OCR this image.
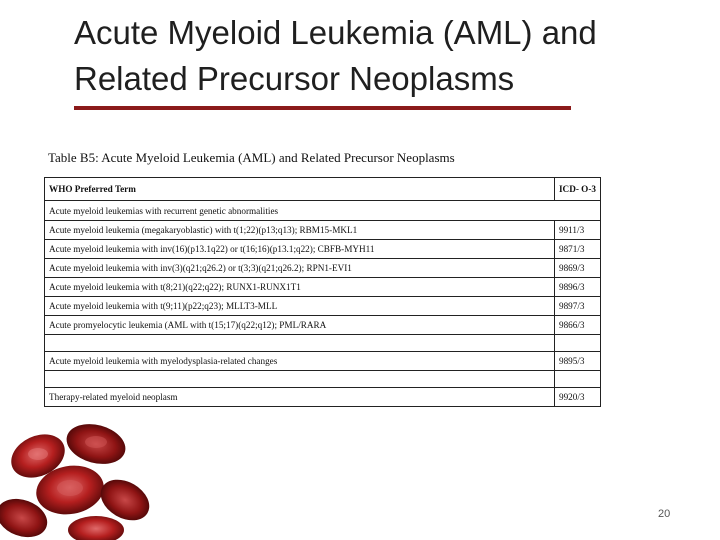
Acute Myeloid Leukemia (AML) and
Related Precursor Neoplasms
Table B5: Acute Myeloid Leukemia (AML) and Related Precursor Neoplasms
WHO Preferred Term	ICD- O-3
Acute myeloid leukemias with recurrent genetic abnormalities	
Acute myeloid leukemia (megakaryoblastic) with t(1;22)(p13;q13); RBM15-MKL1	9911/3
Acute myeloid leukemia with inv(16)(p13.1q22) or t(16;16)(p13.1;q22); CBFB-MYH11	9871/3
Acute myeloid leukemia with inv(3)(q21;q26.2) or t(3;3)(q21;q26.2); RPN1-EVI1	9869/3
Acute myeloid leukemia with t(8;21)(q22;q22); RUNX1-RUNX1T1	9896/3
Acute myeloid leukemia with t(9;11)(p22;q23); MLLT3-MLL	9897/3
Acute promyelocytic leukemia (AML with t(15;17)(q22;q12); PML/RARA	9866/3

Acute myeloid leukemia with myelodysplasia-related changes	9895/3

Therapy-related myeloid neoplasm	9920/3
20
